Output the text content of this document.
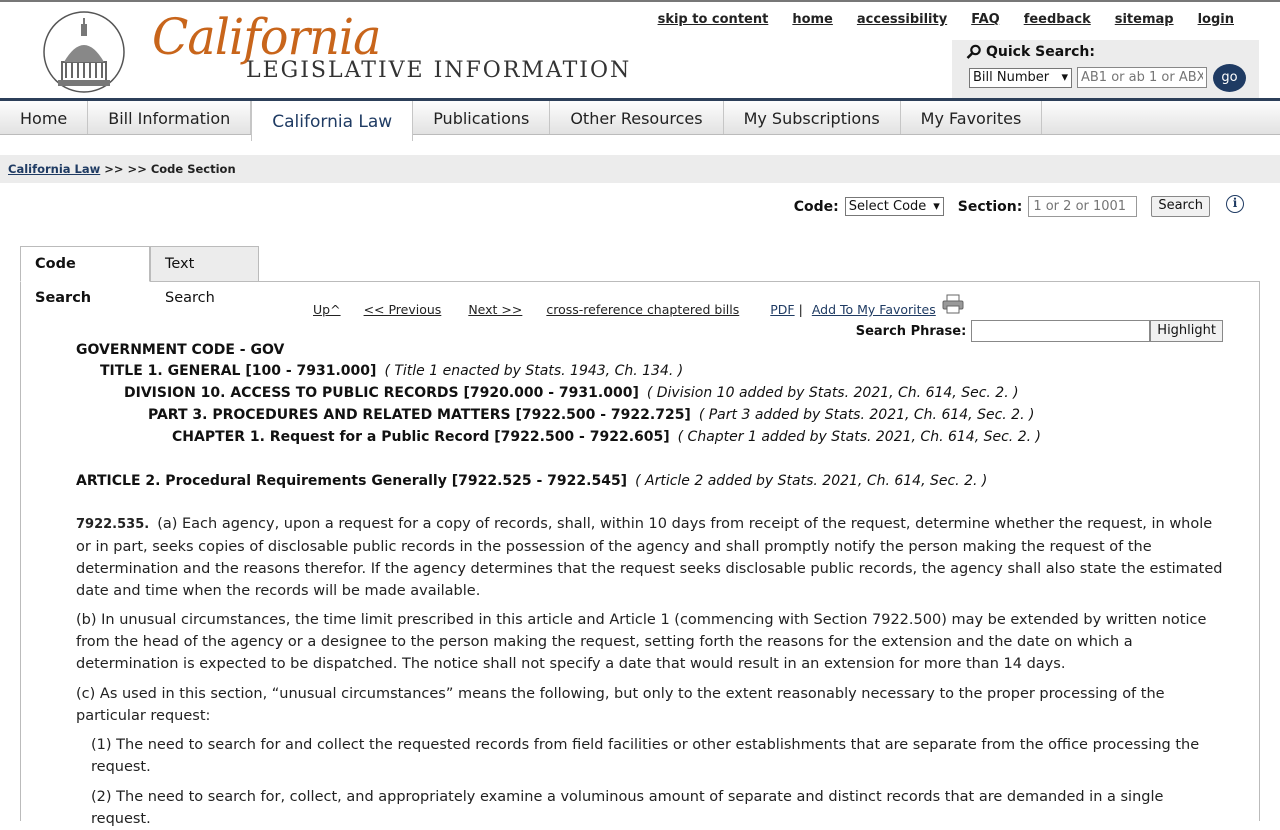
California
LEGISLATIVE INFORMATION
skip to content home accessibility FAQ feedback sitemap login
Quick Search:
Bill Number ▾
AB1 or ab 1 or ABX	go
Home	Bill Information	California Law	Publications	Other Resources	My Subscriptions	My Favorites
California Law >> >> Code Section
Code: Select Code ▾	Section:
1 or 2 or 1001	Search	i
Code Search
Text Search
Up^ << Previous Next >> cross-reference chaptered bills PDF | Add To My Favorites
Search Phrase:	Highlight
GOVERNMENT CODE - GOV
TITLE 1. GENERAL [100 - 7931.000] ( Title 1 enacted by Stats. 1943, Ch. 134. )
DIVISION 10. ACCESS TO PUBLIC RECORDS [7920.000 - 7931.000] ( Division 10 added by Stats. 2021, Ch. 614, Sec. 2. )
PART 3. PROCEDURES AND RELATED MATTERS [7922.500 - 7922.725] ( Part 3 added by Stats. 2021, Ch. 614, Sec. 2. )
CHAPTER 1. Request for a Public Record [7922.500 - 7922.605] ( Chapter 1 added by Stats. 2021, Ch. 614, Sec. 2. )
ARTICLE 2. Procedural Requirements Generally [7922.525 - 7922.545] ( Article 2 added by Stats. 2021, Ch. 614, Sec. 2. )
7922.535. (a) Each agency, upon a request for a copy of records, shall, within 10 days from receipt of the request, determine whether the request, in whole or in part, seeks copies of disclosable public records in the possession of the agency and shall promptly notify the person making the request of the determination and the reasons therefor. If the agency determines that the request seeks disclosable public records, the agency shall also state the estimated date and time when the records will be made available.
(b) In unusual circumstances, the time limit prescribed in this article and Article 1 (commencing with Section 7922.500) may be extended by written notice from the head of the agency or a designee to the person making the request, setting forth the reasons for the extension and the date on which a determination is expected to be dispatched. The notice shall not specify a date that would result in an extension for more than 14 days.
(c) As used in this section, “unusual circumstances” means the following, but only to the extent reasonably necessary to the proper processing of the particular request:
(1) The need to search for and collect the requested records from field facilities or other establishments that are separate from the office processing the request.
(2) The need to search for, collect, and appropriately examine a voluminous amount of separate and distinct records that are demanded in a single request.
